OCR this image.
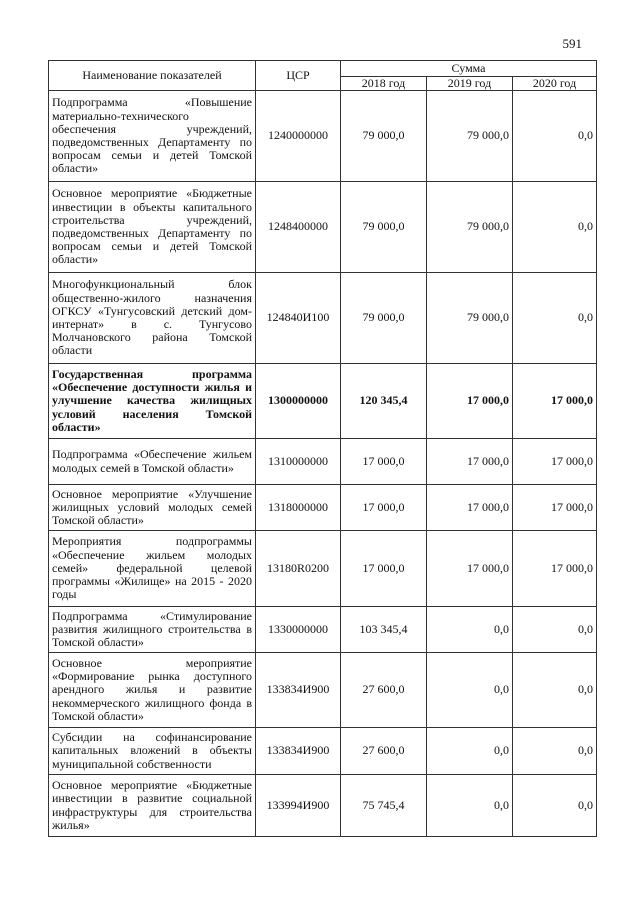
591
Наименование показателей	ЦСР	Сумма		
		2018 год	2019 год	2020 год
Подпрограмма «Повышение материально-технического обеспечения учреждений, подведомственных Департаменту по вопросам семьи и детей Томской области»	1240000000	79 000,0	79 000,0	0,0
Основное мероприятие «Бюджетные инвестиции в объекты капитального строительства учреждений, подведомственных Департаменту по вопросам семьи и детей Томской области»	1248400000	79 000,0	79 000,0	0,0
Многофункциональный блок общественно-жилого назначения ОГКСУ «Тунгусовский детский дом-интернат» в с. Тунгусово Молчановского района Томской области	124840И100	79 000,0	79 000,0	0,0
Государственная программа «Обеспечение доступности жилья и улучшение качества жилищных условий населения Томской области»	1300000000	120 345,4	17 000,0	17 000,0
Подпрограмма «Обеспечение жильем молодых семей в Томской области»	1310000000	17 000,0	17 000,0	17 000,0
Основное мероприятие «Улучшение жилищных условий молодых семей Томской области»	1318000000	17 000,0	17 000,0	17 000,0
Мероприятия подпрограммы «Обеспечение жильем молодых семей» федеральной целевой программы «Жилище» на 2015 - 2020 годы	13180R0200	17 000,0	17 000,0	17 000,0
Подпрограмма «Стимулирование развития жилищного строительства в Томской области»	1330000000	103 345,4	0,0	0,0
Основное мероприятие «Формирование рынка доступного арендного жилья и развитие некоммерческого жилищного фонда в Томской области»	133834И900	27 600,0	0,0	0,0
Субсидии на софинансирование капитальных вложений в объекты муниципальной собственности	133834И900	27 600,0	0,0	0,0
Основное мероприятие «Бюджетные инвестиции в развитие социальной инфраструктуры для строительства жилья»	133994И900	75 745,4	0,0	0,0
